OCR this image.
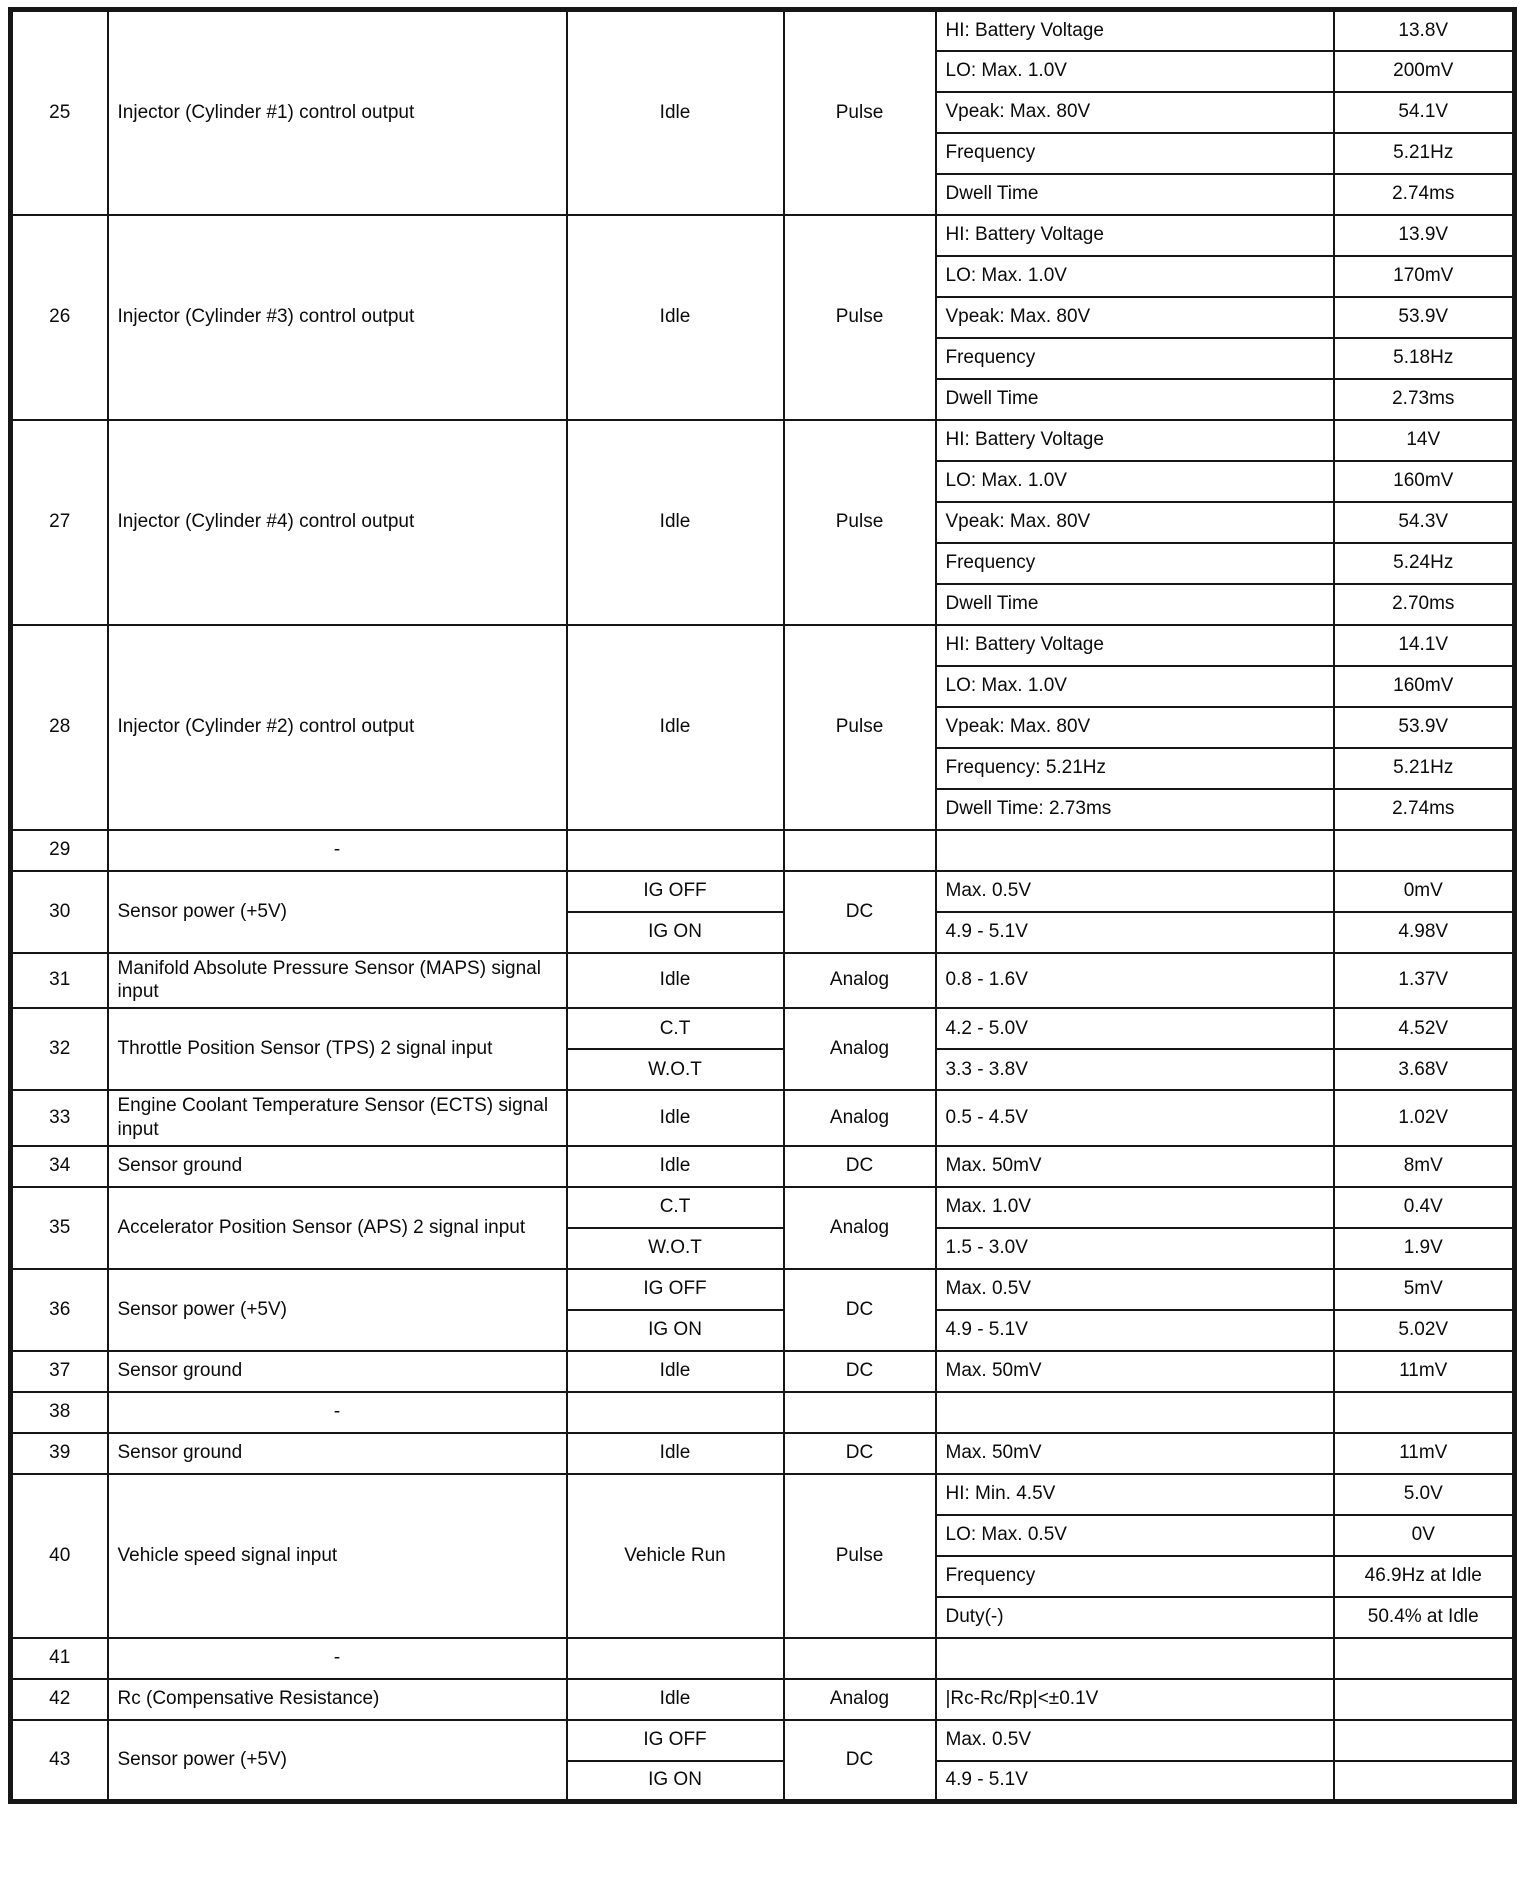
25	Injector (Cylinder #1) control output	Idle	Pulse	HI: Battery Voltage	13.8V
				LO: Max. 1.0V	200mV
				Vpeak: Max. 80V	54.1V
				Frequency	5.21Hz
				Dwell Time	2.74ms
26	Injector (Cylinder #3) control output	Idle	Pulse	HI: Battery Voltage	13.9V
				LO: Max. 1.0V	170mV
				Vpeak: Max. 80V	53.9V
				Frequency	5.18Hz
				Dwell Time	2.73ms
27	Injector (Cylinder #4) control output	Idle	Pulse	HI: Battery Voltage	14V
				LO: Max. 1.0V	160mV
				Vpeak: Max. 80V	54.3V
				Frequency	5.24Hz
				Dwell Time	2.70ms
28	Injector (Cylinder #2) control output	Idle	Pulse	HI: Battery Voltage	14.1V
				LO: Max. 1.0V	160mV
				Vpeak: Max. 80V	53.9V
				Frequency: 5.21Hz	5.21Hz
				Dwell Time: 2.73ms	2.74ms
29	-				
30	Sensor power (+5V)	IG OFF	DC	Max. 0.5V	0mV
		IG ON		4.9 - 5.1V	4.98V
31	Manifold Absolute Pressure Sensor (MAPS) signal input	Idle	Analog	0.8 - 1.6V	1.37V
32	Throttle Position Sensor (TPS) 2 signal input	C.T	Analog	4.2 - 5.0V	4.52V
		W.O.T		3.3 - 3.8V	3.68V
33	Engine Coolant Temperature Sensor (ECTS) signal input	Idle	Analog	0.5 - 4.5V	1.02V
34	Sensor ground	Idle	DC	Max. 50mV	8mV
35	Accelerator Position Sensor (APS) 2 signal input	C.T	Analog	Max. 1.0V	0.4V
		W.O.T		1.5 - 3.0V	1.9V
36	Sensor power (+5V)	IG OFF	DC	Max. 0.5V	5mV
		IG ON		4.9 - 5.1V	5.02V
37	Sensor ground	Idle	DC	Max. 50mV	11mV
38	-				
39	Sensor ground	Idle	DC	Max. 50mV	11mV
40	Vehicle speed signal input	Vehicle Run	Pulse	HI: Min. 4.5V	5.0V
				LO: Max. 0.5V	0V
				Frequency	46.9Hz at Idle
				Duty(-)	50.4% at Idle
41	-				
42	Rc (Compensative Resistance)	Idle	Analog	|Rc-Rc/Rp|<±0.1V	
43	Sensor power (+5V)	IG OFF	DC	Max. 0.5V	
		IG ON		4.9 - 5.1V	
